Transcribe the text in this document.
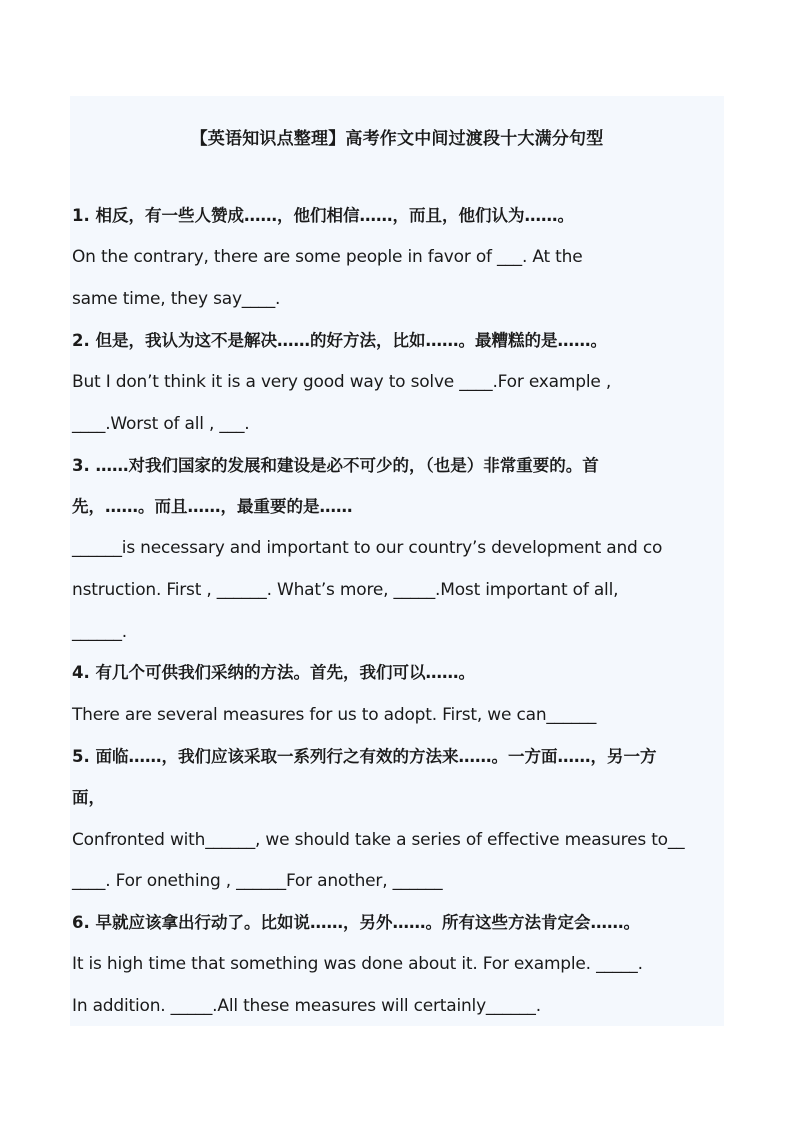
【英语知识点整理】高考作文中间过渡段十大满分句型
1. 相反，有一些人赞成……，他们相信……，而且，他们认为……。
On the contrary, there are some people in favor of ___. At the
same time, they say____.
2. 但是，我认为这不是解决……的好方法，比如……。最糟糕的是……。
But I don’t think it is a very good way to solve ____.For example ,
____.Worst of all , ___.
3. ……对我们国家的发展和建设是必不可少的，（也是）非常重要的。首
先，……。而且……，最重要的是……
______is necessary and important to our country’s development and co
nstruction. First , ______. What’s more, _____.Most important of all,
______.
4. 有几个可供我们采纳的方法。首先，我们可以……。
There are several measures for us to adopt. First, we can______
5. 面临……，我们应该采取一系列行之有效的方法来……。一方面……，另一方
面，
Confronted with______, we should take a series of effective measures to__
____. For onething , ______For another, ______
6. 早就应该拿出行动了。比如说……，另外……。所有这些方法肯定会……。
It is high time that something was done about it. For example. _____.
In addition. _____.All these measures will certainly______.
